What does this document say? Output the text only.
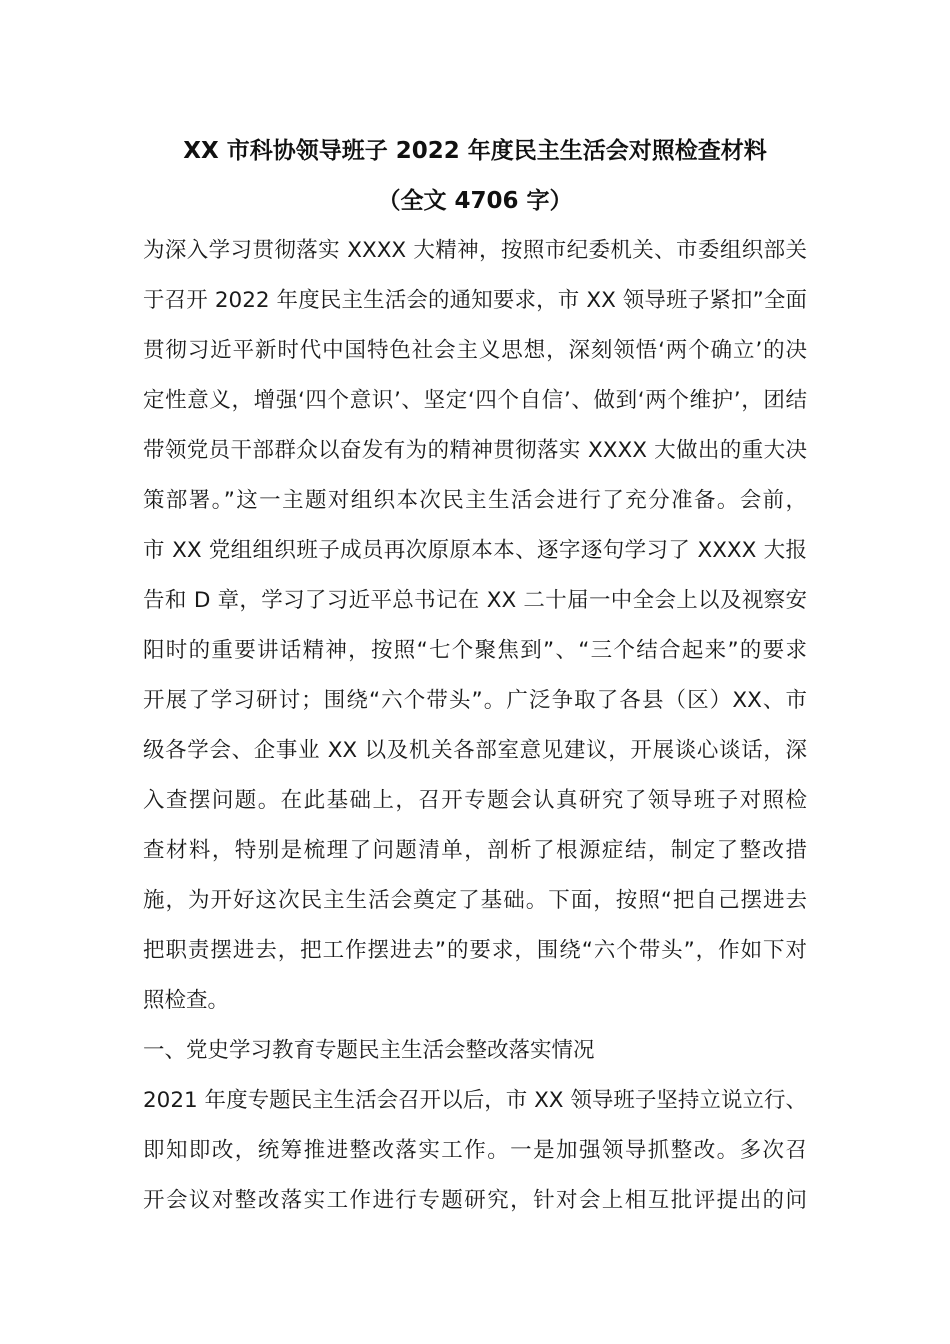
XX 市科协领导班子 2022 年度民主生活会对照检查材料
（全文 4706 字）
为深入学习贯彻落实 XXXX 大精神，按照市纪委机关、市委组织部关
于召开 2022 年度民主生活会的通知要求，市 XX 领导班子紧扣”全面
贯彻习近平新时代中国特色社会主义思想，深刻领悟‘两个确立’的决
定性意义，增强‘四个意识’、坚定‘四个自信’、做到‘两个维护’，团结
带领党员干部群众以奋发有为的精神贯彻落实 XXXX 大做出的重大决
策部署。”这一主题对组织本次民主生活会进行了充分准备。会前，
市 XX 党组组织班子成员再次原原本本、逐字逐句学习了 XXXX 大报
告和 D 章，学习了习近平总书记在 XX 二十届一中全会上以及视察安
阳时的重要讲话精神，按照“七个聚焦到”、“三个结合起来”的要求
开展了学习研讨；围绕“六个带头”。广泛争取了各县（区）XX、市
级各学会、企事业 XX 以及机关各部室意见建议，开展谈心谈话，深
入查摆问题。在此基础上，召开专题会认真研究了领导班子对照检
查材料，特别是梳理了问题清单，剖析了根源症结，制定了整改措
施，为开好这次民主生活会奠定了基础。下面，按照“把自己摆进去
把职责摆进去，把工作摆进去”的要求，围绕“六个带头”，作如下对
照检查。
一、党史学习教育专题民主生活会整改落实情况
2021 年度专题民主生活会召开以后，市 XX 领导班子坚持立说立行、
即知即改，统筹推进整改落实工作。一是加强领导抓整改。多次召
开会议对整改落实工作进行专题研究，针对会上相互批评提出的问
